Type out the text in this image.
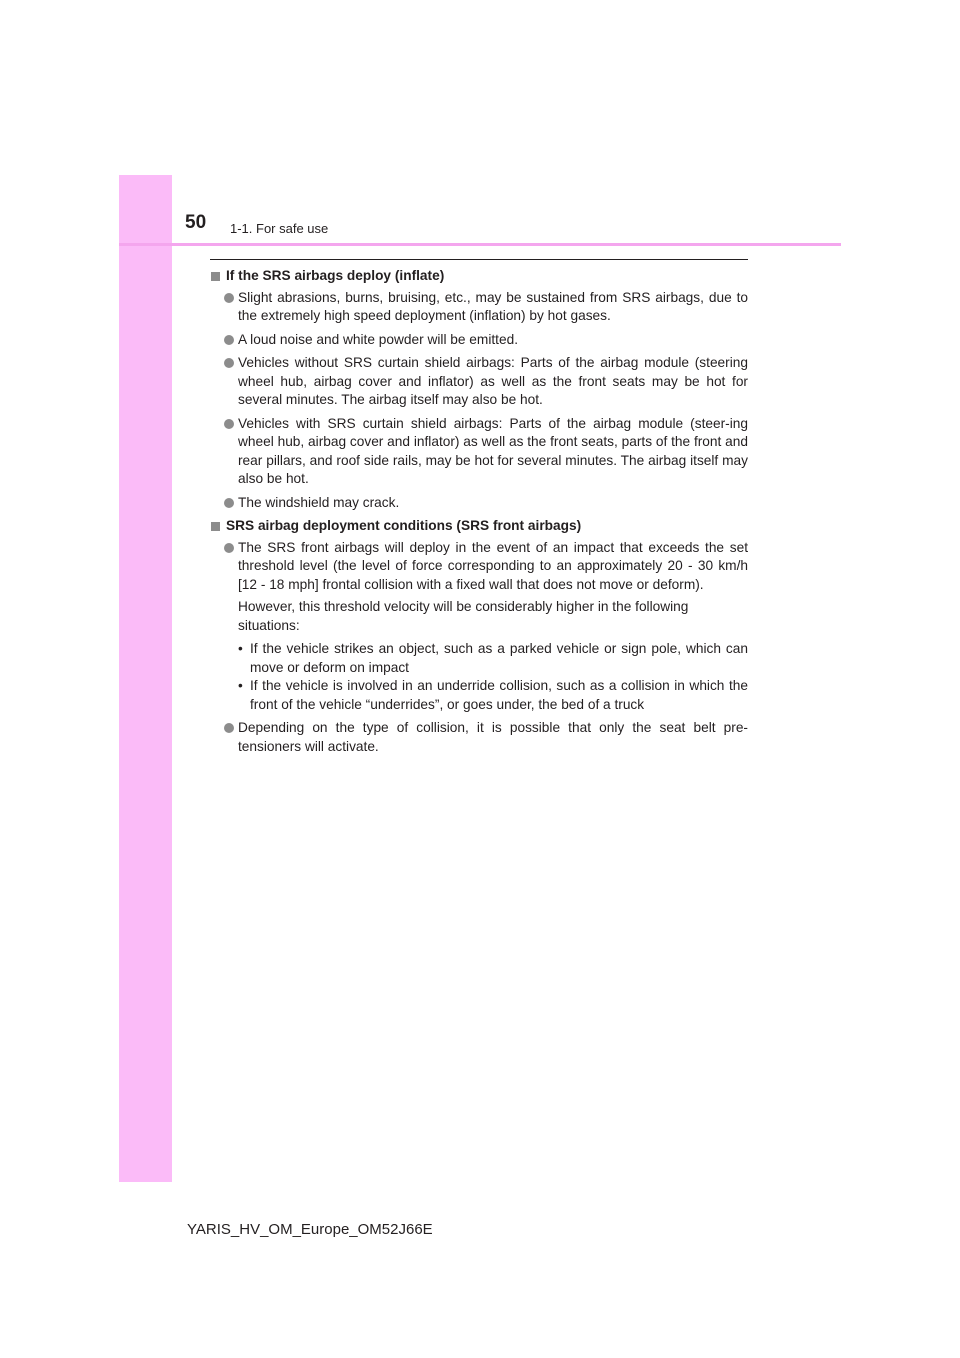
50 1-1. For safe use
If the SRS airbags deploy (inflate)
Slight abrasions, burns, bruising, etc., may be sustained from SRS airbags, due to the extremely high speed deployment (inflation) by hot gases.
A loud noise and white powder will be emitted.
Vehicles without SRS curtain shield airbags: Parts of the airbag module (steering wheel hub, airbag cover and inflator) as well as the front seats may be hot for several minutes. The airbag itself may also be hot.
Vehicles with SRS curtain shield airbags: Parts of the airbag module (steer-ing wheel hub, airbag cover and inflator) as well as the front seats, parts of the front and rear pillars, and roof side rails, may be hot for several minutes. The airbag itself may also be hot.
The windshield may crack.
SRS airbag deployment conditions (SRS front airbags)
The SRS front airbags will deploy in the event of an impact that exceeds the set threshold level (the level of force corresponding to an approximately 20 - 30 km/h [12 - 18 mph] frontal collision with a fixed wall that does not move or deform).
However, this threshold velocity will be considerably higher in the following situations:
• If the vehicle strikes an object, such as a parked vehicle or sign pole, which can move or deform on impact
• If the vehicle is involved in an underride collision, such as a collision in which the front of the vehicle “underrides”, or goes under, the bed of a truck
Depending on the type of collision, it is possible that only the seat belt pre-tensioners will activate.
YARIS_HV_OM_Europe_OM52J66E
